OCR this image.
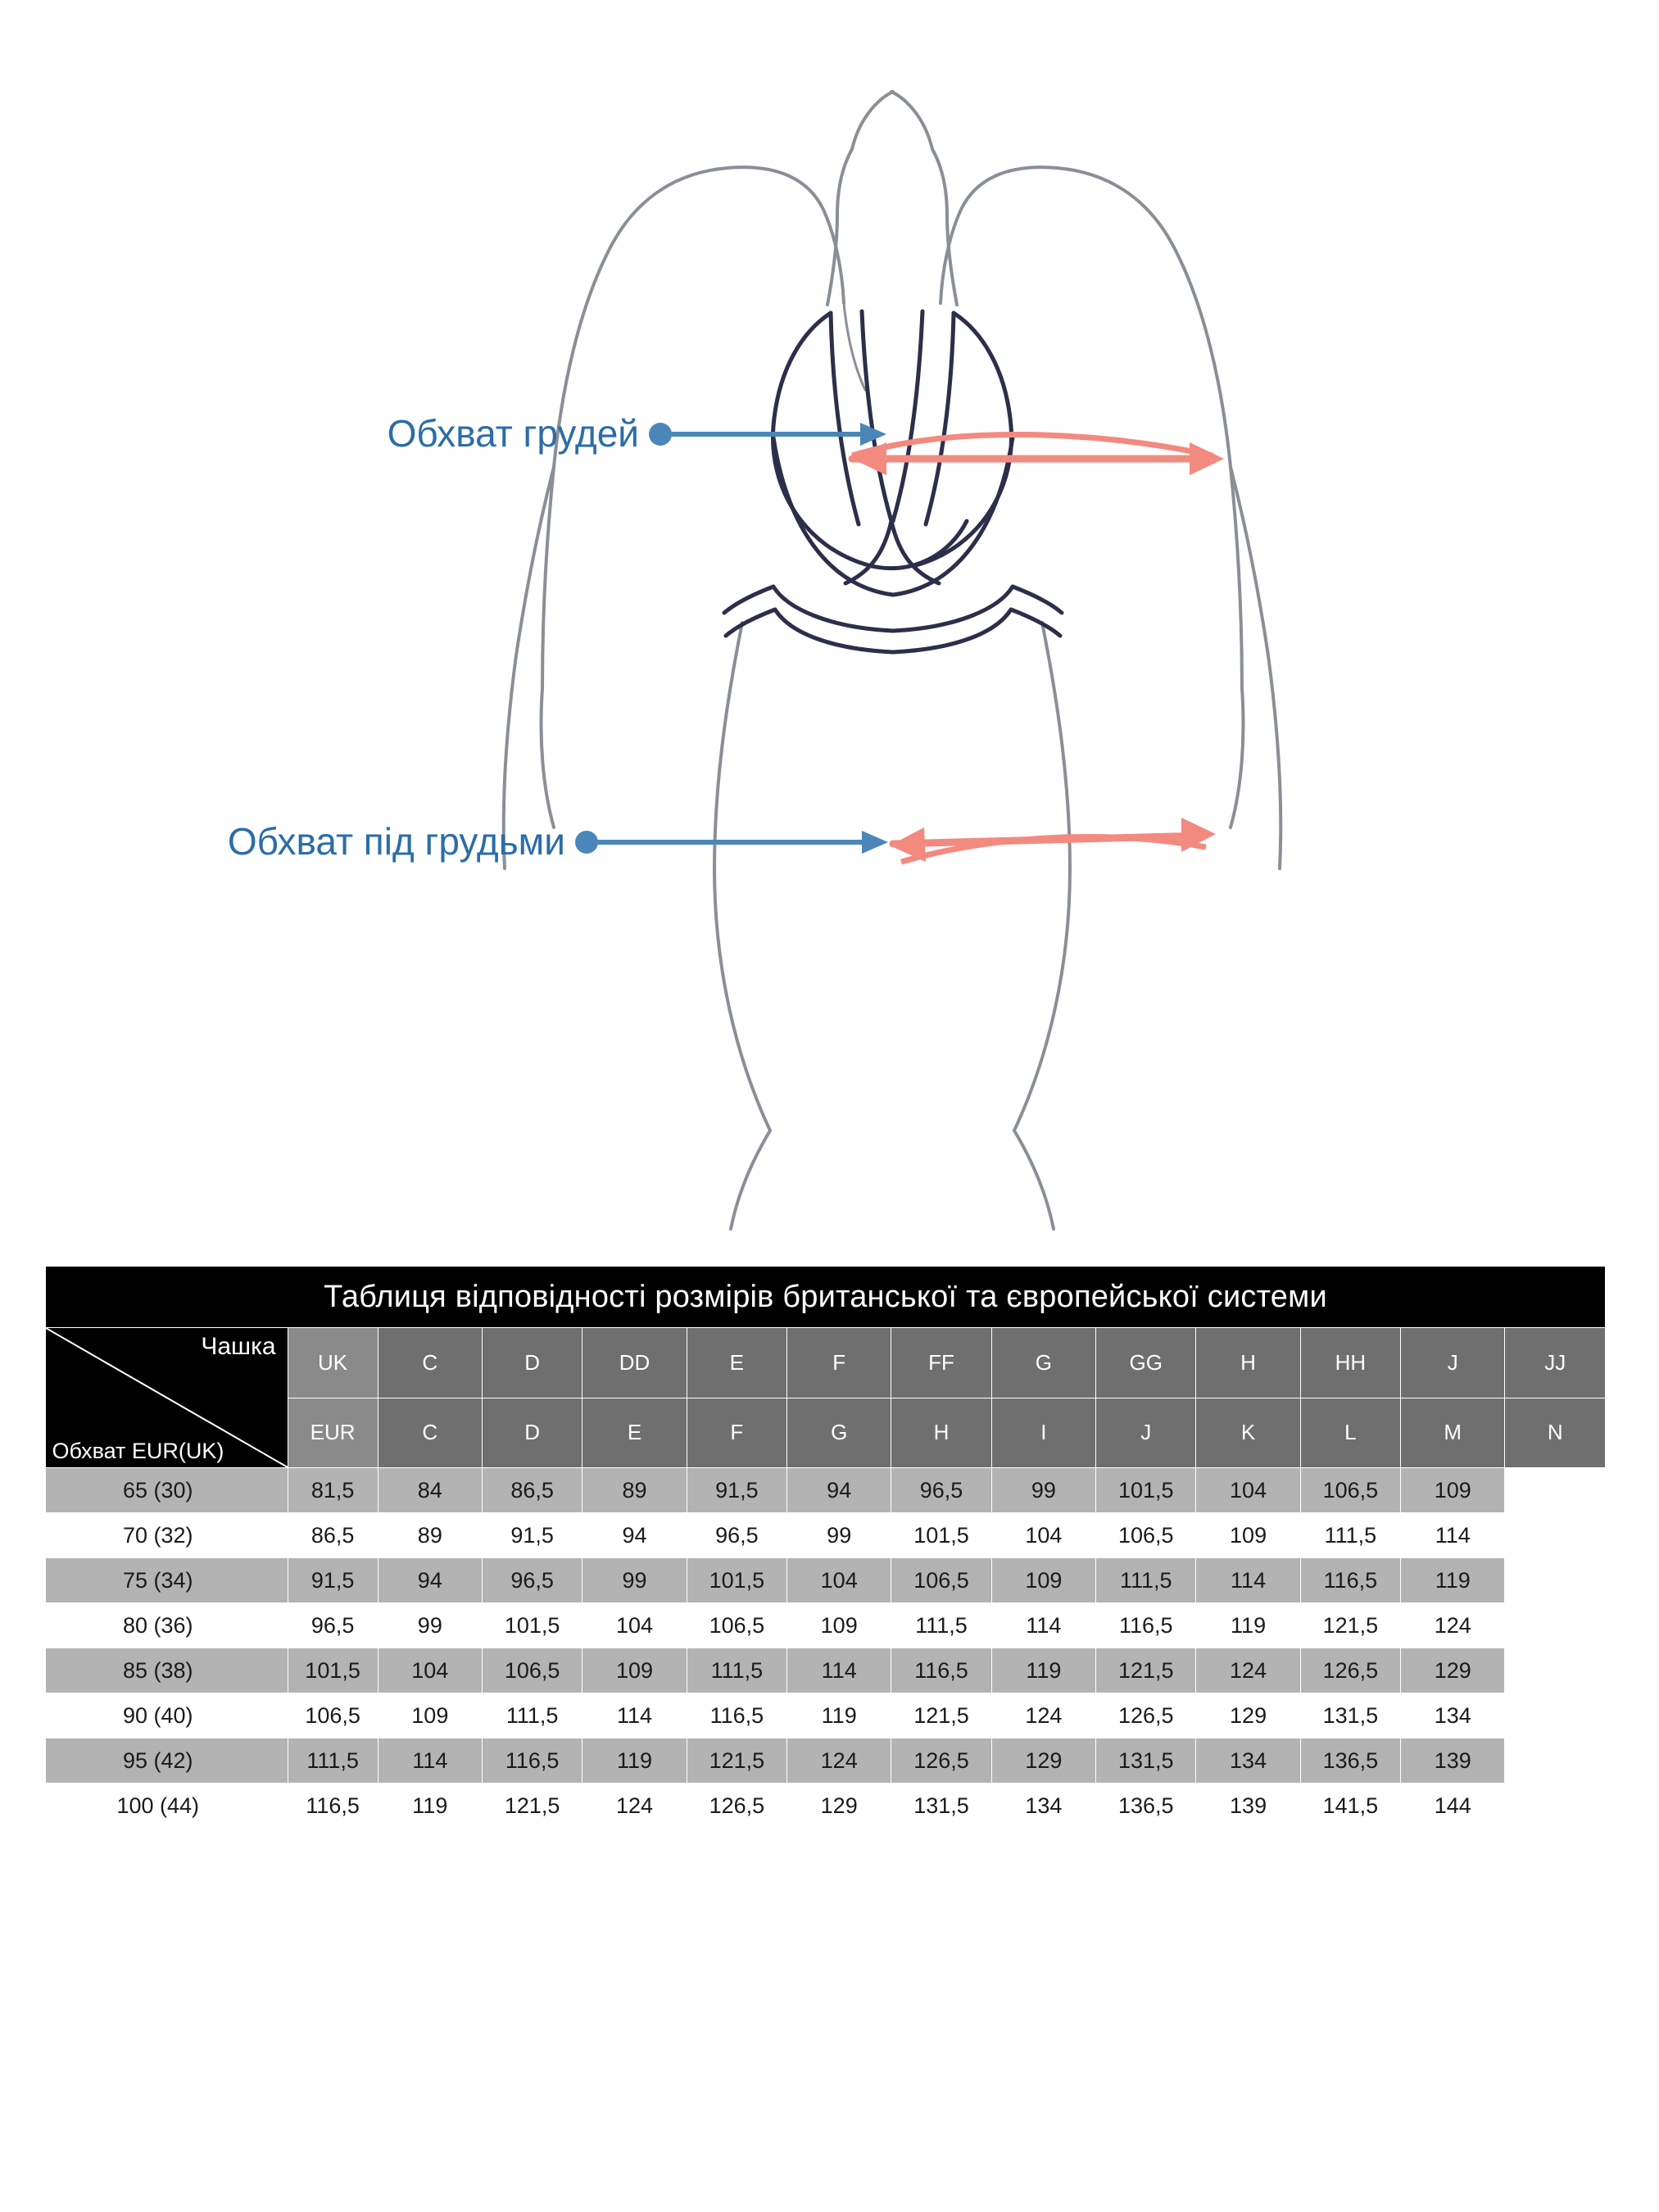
Обхват грудей
Обхват під грудьми
Таблиця відповідності розмірів британської та європейської системи													

Чашка
Обхват EUR(UK)	UK	C	D	DD	E	F	FF	G	GG	H	HH	J	JJ
	EUR	C	D	E	F	G	H	I	J	K	L	M	N
65 (30)	81,5	84	86,5	89	91,5	94	96,5	99	101,5	104	106,5	109	
70 (32)	86,5	89	91,5	94	96,5	99	101,5	104	106,5	109	111,5	114	
75 (34)	91,5	94	96,5	99	101,5	104	106,5	109	111,5	114	116,5	119	
80 (36)	96,5	99	101,5	104	106,5	109	111,5	114	116,5	119	121,5	124	
85 (38)	101,5	104	106,5	109	111,5	114	116,5	119	121,5	124	126,5	129	
90 (40)	106,5	109	111,5	114	116,5	119	121,5	124	126,5	129	131,5	134	
95 (42)	111,5	114	116,5	119	121,5	124	126,5	129	131,5	134	136,5	139	
100 (44)	116,5	119	121,5	124	126,5	129	131,5	134	136,5	139	141,5	144	
